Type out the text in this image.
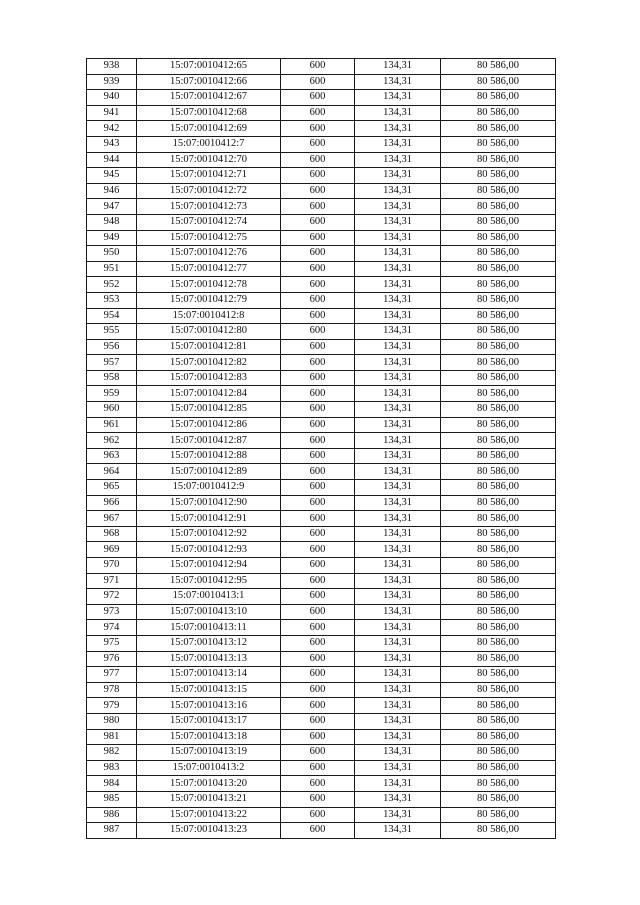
938	15:07:0010412:65	600	134,31	80 586,00
939	15:07:0010412:66	600	134,31	80 586,00
940	15:07:0010412:67	600	134,31	80 586,00
941	15:07:0010412:68	600	134,31	80 586,00
942	15:07:0010412:69	600	134,31	80 586,00
943	15:07:0010412:7	600	134,31	80 586,00
944	15:07:0010412:70	600	134,31	80 586,00
945	15:07:0010412:71	600	134,31	80 586,00
946	15:07:0010412:72	600	134,31	80 586,00
947	15:07:0010412:73	600	134,31	80 586,00
948	15:07:0010412:74	600	134,31	80 586,00
949	15:07:0010412:75	600	134,31	80 586,00
950	15:07:0010412:76	600	134,31	80 586,00
951	15:07:0010412:77	600	134,31	80 586,00
952	15:07:0010412:78	600	134,31	80 586,00
953	15:07:0010412:79	600	134,31	80 586,00
954	15:07:0010412:8	600	134,31	80 586,00
955	15:07:0010412:80	600	134,31	80 586,00
956	15:07:0010412:81	600	134,31	80 586,00
957	15:07:0010412:82	600	134,31	80 586,00
958	15:07:0010412:83	600	134,31	80 586,00
959	15:07:0010412:84	600	134,31	80 586,00
960	15:07:0010412:85	600	134,31	80 586,00
961	15:07:0010412:86	600	134,31	80 586,00
962	15:07:0010412:87	600	134,31	80 586,00
963	15:07:0010412:88	600	134,31	80 586,00
964	15:07:0010412:89	600	134,31	80 586,00
965	15:07:0010412:9	600	134,31	80 586,00
966	15:07:0010412:90	600	134,31	80 586,00
967	15:07:0010412:91	600	134,31	80 586,00
968	15:07:0010412:92	600	134,31	80 586,00
969	15:07:0010412:93	600	134,31	80 586,00
970	15:07:0010412:94	600	134,31	80 586,00
971	15:07:0010412:95	600	134,31	80 586,00
972	15:07:0010413:1	600	134,31	80 586,00
973	15:07:0010413:10	600	134,31	80 586,00
974	15:07:0010413:11	600	134,31	80 586,00
975	15:07:0010413:12	600	134,31	80 586,00
976	15:07:0010413:13	600	134,31	80 586,00
977	15:07:0010413:14	600	134,31	80 586,00
978	15:07:0010413:15	600	134,31	80 586,00
979	15:07:0010413:16	600	134,31	80 586,00
980	15:07:0010413:17	600	134,31	80 586,00
981	15:07:0010413:18	600	134,31	80 586,00
982	15:07:0010413:19	600	134,31	80 586,00
983	15:07:0010413:2	600	134,31	80 586,00
984	15:07:0010413:20	600	134,31	80 586,00
985	15:07:0010413:21	600	134,31	80 586,00
986	15:07:0010413:22	600	134,31	80 586,00
987	15:07:0010413:23	600	134,31	80 586,00
